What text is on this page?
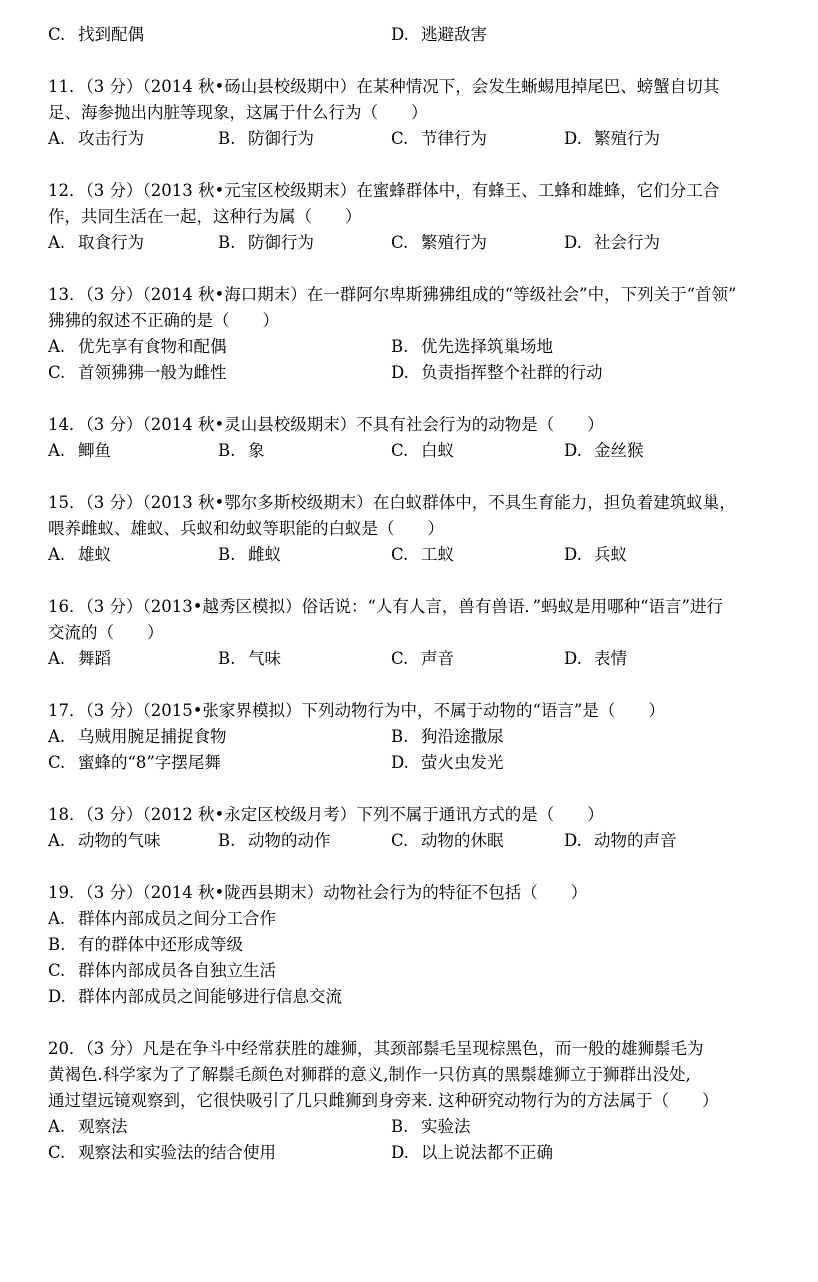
C. 找到配偶	D. 逃避敌害
11．（3 分）（2014 秋•砀山县校级期中）在某种情况下，会发生蜥蜴甩掉尾巴、螃蟹自切其
足、海参抛出内脏等现象，这属于什么行为（　　）
A. 攻击行为	B. 防御行为	C. 节律行为	D. 繁殖行为
12．（3 分）（2013 秋•元宝区校级期末）在蜜蜂群体中，有蜂王、工蜂和雄蜂，它们分工合
作，共同生活在一起，这种行为属（　　）
A. 取食行为	B. 防御行为	C. 繁殖行为	D. 社会行为
13．（3 分）（2014 秋•海口期末）在一群阿尔卑斯狒狒组成的“等级社会”中，下列关于“首领”
狒狒的叙述不正确的是（　　）
A. 优先享有食物和配偶	B. 优先选择筑巢场地
C. 首领狒狒一般为雌性	D. 负责指挥整个社群的行动
14．（3 分）（2014 秋•灵山县校级期末）不具有社会行为的动物是（　　）
A. 鲫鱼	B. 象	C. 白蚁	D. 金丝猴
15．（3 分）（2013 秋•鄂尔多斯校级期末）在白蚁群体中，不具生育能力，担负着建筑蚁巢，
喂养雌蚁、雄蚁、兵蚁和幼蚁等职能的白蚁是（　　）
A. 雄蚁	B. 雌蚁	C. 工蚁	D. 兵蚁
16．（3 分）（2013•越秀区模拟）俗话说：“人有人言，兽有兽语．”蚂蚁是用哪种“语言”进行
交流的（　　）
A. 舞蹈	B. 气味	C. 声音	D. 表情
17．（3 分）（2015•张家界模拟）下列动物行为中，不属于动物的“语言”是（　　）
A. 乌贼用腕足捕捉食物	B. 狗沿途撒尿
C. 蜜蜂的“8”字摆尾舞	D. 萤火虫发光
18．（3 分）（2012 秋•永定区校级月考）下列不属于通讯方式的是（　　）
A. 动物的气味	B. 动物的动作	C. 动物的休眠	D. 动物的声音
19．（3 分）（2014 秋•陇西县期末）动物社会行为的特征不包括（　　）
A. 群体内部成员之间分工合作
B. 有的群体中还形成等级
C. 群体内部成员各自独立生活
D. 群体内部成员之间能够进行信息交流
20．（3 分）凡是在争斗中经常获胜的雄狮，其颈部鬃毛呈现棕黑色，而一般的雄狮鬃毛为
黄褐色.科学家为了了解鬃毛颜色对狮群的意义,制作一只仿真的黑鬃雄狮立于狮群出没处,
通过望远镜观察到，它很快吸引了几只雌狮到身旁来. 这种研究动物行为的方法属于（　　）
A. 观察法	B. 实验法
C. 观察法和实验法的结合使用	D. 以上说法都不正确
